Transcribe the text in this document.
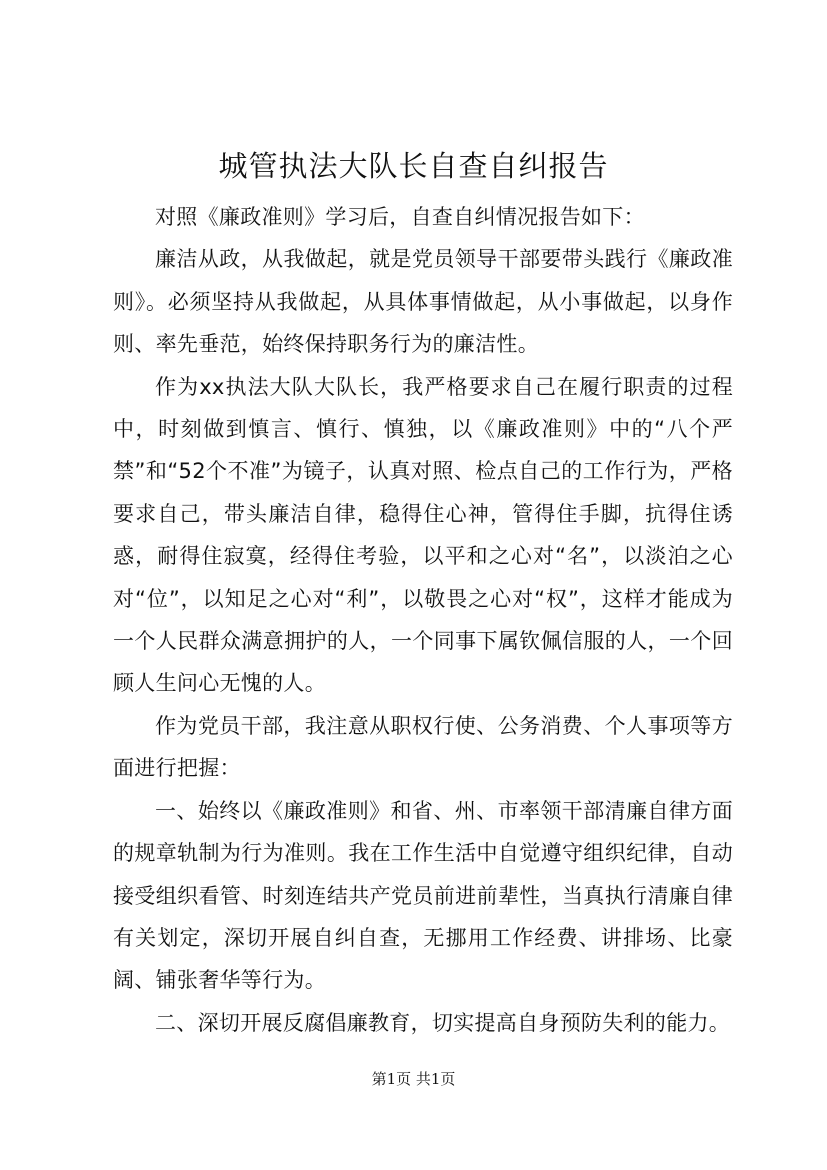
城管执法大队长自查自纠报告

对照《廉政准则》学习后，自查自纠情况报告如下：

廉洁从政，从我做起，就是党员领导干部要带头践行《廉政准则》。必须坚持从我做起，从具体事情做起，从小事做起，以身作则、率先垂范，始终保持职务行为的廉洁性。

作为xx执法大队大队长，我严格要求自己在履行职责的过程中，时刻做到慎言、慎行、慎独，以《廉政准则》中的“八个严禁”和“52个不准”为镜子，认真对照、检点自己的工作行为，严格要求自己，带头廉洁自律，稳得住心神，管得住手脚，抗得住诱惑，耐得住寂寞，经得住考验，以平和之心对“名”，以淡泊之心对“位”，以知足之心对“利”，以敬畏之心对“权”，这样才能成为一个人民群众满意拥护的人，一个同事下属钦佩信服的人，一个回顾人生问心无愧的人。

作为党员干部，我注意从职权行使、公务消费、个人事项等方面进行把握：

一、始终以《廉政准则》和省、州、市率领干部清廉自律方面的规章轨制为行为准则。我在工作生活中自觉遵守组织纪律，自动接受组织看管、时刻连结共产党员前进前辈性，当真执行清廉自律有关划定，深切开展自纠自查，无挪用工作经费、讲排场、比豪阔、铺张奢华等行为。

二、深切开展反腐倡廉教育，切实提高自身预防失利的能力。

第1页 共1页
